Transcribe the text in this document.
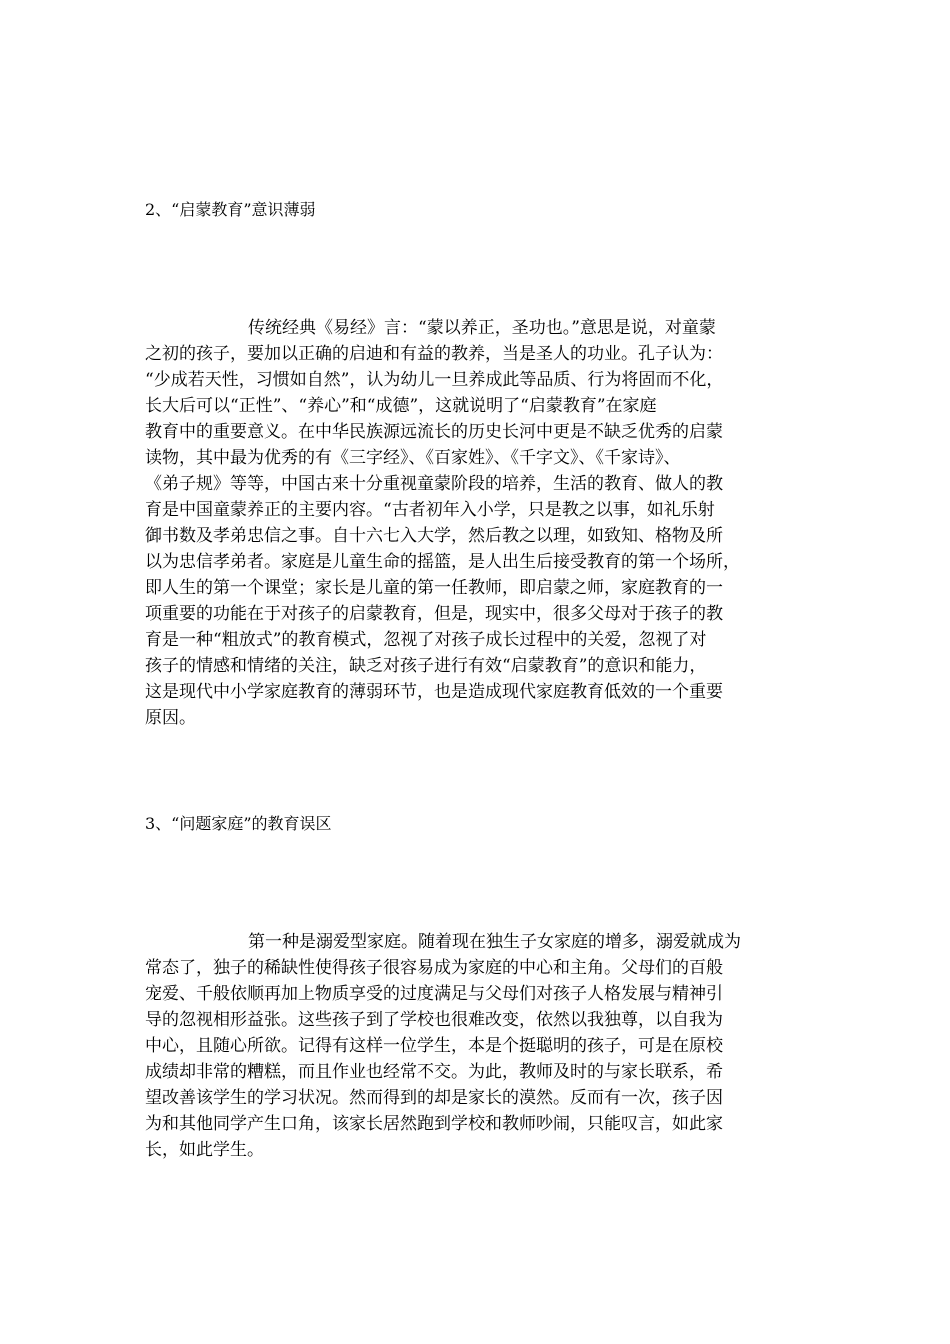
2、“启蒙教育”意识薄弱
传统经典《易经》言：“蒙以养正，圣功也。”意思是说，对童蒙
之初的孩子，要加以正确的启迪和有益的教养，当是圣人的功业。孔子认为：
“少成若天性，习惯如自然”，认为幼儿一旦养成此等品质、行为将固而不化，
长大后可以“正性”、“养心”和“成德”，这就说明了“启蒙教育”在家庭
教育中的重要意义。在中华民族源远流长的历史长河中更是不缺乏优秀的启蒙
读物，其中最为优秀的有《三字经》、《百家姓》、《千字文》、《千家诗》、
《弟子规》等等，中国古来十分重视童蒙阶段的培养，生活的教育、做人的教
育是中国童蒙养正的主要内容。“古者初年入小学，只是教之以事，如礼乐射
御书数及孝弟忠信之事。自十六七入大学，然后教之以理，如致知、格物及所
以为忠信孝弟者。家庭是儿童生命的摇篮，是人出生后接受教育的第一个场所，
即人生的第一个课堂；家长是儿童的第一任教师，即启蒙之师，家庭教育的一
项重要的功能在于对孩子的启蒙教育，但是，现实中，很多父母对于孩子的教
育是一种“粗放式”的教育模式，忽视了对孩子成长过程中的关爱，忽视了对
孩子的情感和情绪的关注，缺乏对孩子进行有效“启蒙教育”的意识和能力，
这是现代中小学家庭教育的薄弱环节，也是造成现代家庭教育低效的一个重要
原因。
3、“问题家庭”的教育误区
第一种是溺爱型家庭。随着现在独生子女家庭的增多，溺爱就成为
常态了，独子的稀缺性使得孩子很容易成为家庭的中心和主角。父母们的百般
宠爱、千般依顺再加上物质享受的过度满足与父母们对孩子人格发展与精神引
导的忽视相形益张。这些孩子到了学校也很难改变，依然以我独尊，以自我为
中心，且随心所欲。记得有这样一位学生，本是个挺聪明的孩子，可是在原校
成绩却非常的糟糕，而且作业也经常不交。为此，教师及时的与家长联系，希
望改善该学生的学习状况。然而得到的却是家长的漠然。反而有一次，孩子因
为和其他同学产生口角，该家长居然跑到学校和教师吵闹，只能叹言，如此家
长，如此学生。
